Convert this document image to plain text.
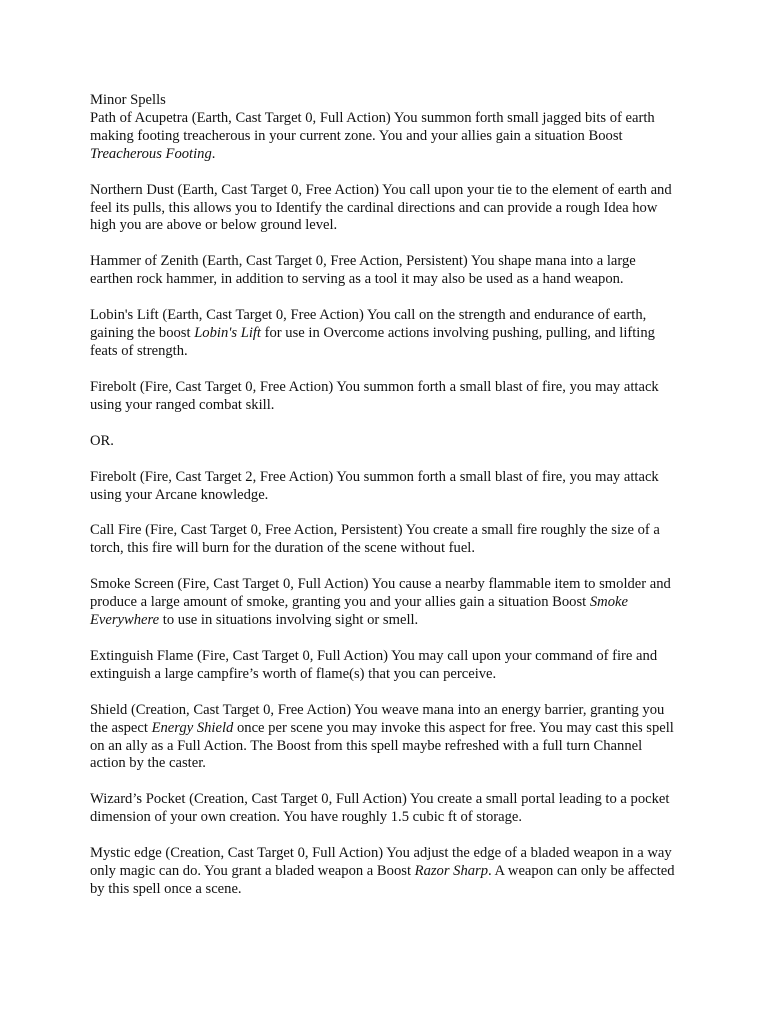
Minor Spells

Path of Acupetra (Earth, Cast Target 0, Full Action) You summon forth small jagged bits of earth making footing treacherous in your current zone. You and your allies gain a situation Boost Treacherous Footing.

Northern Dust (Earth, Cast Target 0, Free Action) You call upon your tie to the element of earth and feel its pulls, this allows you to Identify the cardinal directions and can provide a rough Idea how high you are above or below ground level.

Hammer of Zenith (Earth, Cast Target 0, Free Action, Persistent) You shape mana into a large earthen rock hammer, in addition to serving as a tool it may also be used as a hand weapon.

Lobin's Lift (Earth, Cast Target 0, Free Action) You call on the strength and endurance of earth, gaining the boost Lobin's Lift for use in Overcome actions involving pushing, pulling, and lifting feats of strength.

Firebolt (Fire, Cast Target 0, Free Action) You summon forth a small blast of fire, you may attack using your ranged combat skill.

OR.

Firebolt (Fire, Cast Target 2, Free Action) You summon forth a small blast of fire, you may attack using your Arcane knowledge.

Call Fire (Fire, Cast Target 0, Free Action, Persistent) You create a small fire roughly the size of a torch, this fire will burn for the duration of the scene without fuel.

Smoke Screen (Fire, Cast Target 0, Full Action) You cause a nearby flammable item to smolder and produce a large amount of smoke, granting you and your allies gain a situation Boost Smoke Everywhere to use in situations involving sight or smell.

Extinguish Flame (Fire, Cast Target 0, Full Action) You may call upon your command of fire and extinguish a large campfire’s worth of flame(s) that you can perceive.

Shield (Creation, Cast Target 0, Free Action) You weave mana into an energy barrier, granting you the aspect Energy Shield once per scene you may invoke this aspect for free. You may cast this spell on an ally as a Full Action. The Boost from this spell maybe refreshed with a full turn Channel action by the caster.

Wizard’s Pocket (Creation, Cast Target 0, Full Action) You create a small portal leading to a pocket dimension of your own creation. You have roughly 1.5 cubic ft of storage.

Mystic edge (Creation, Cast Target 0, Full Action) You adjust the edge of a bladed weapon in a way only magic can do. You grant a bladed weapon a Boost Razor Sharp. A weapon can only be affected by this spell once a scene.
